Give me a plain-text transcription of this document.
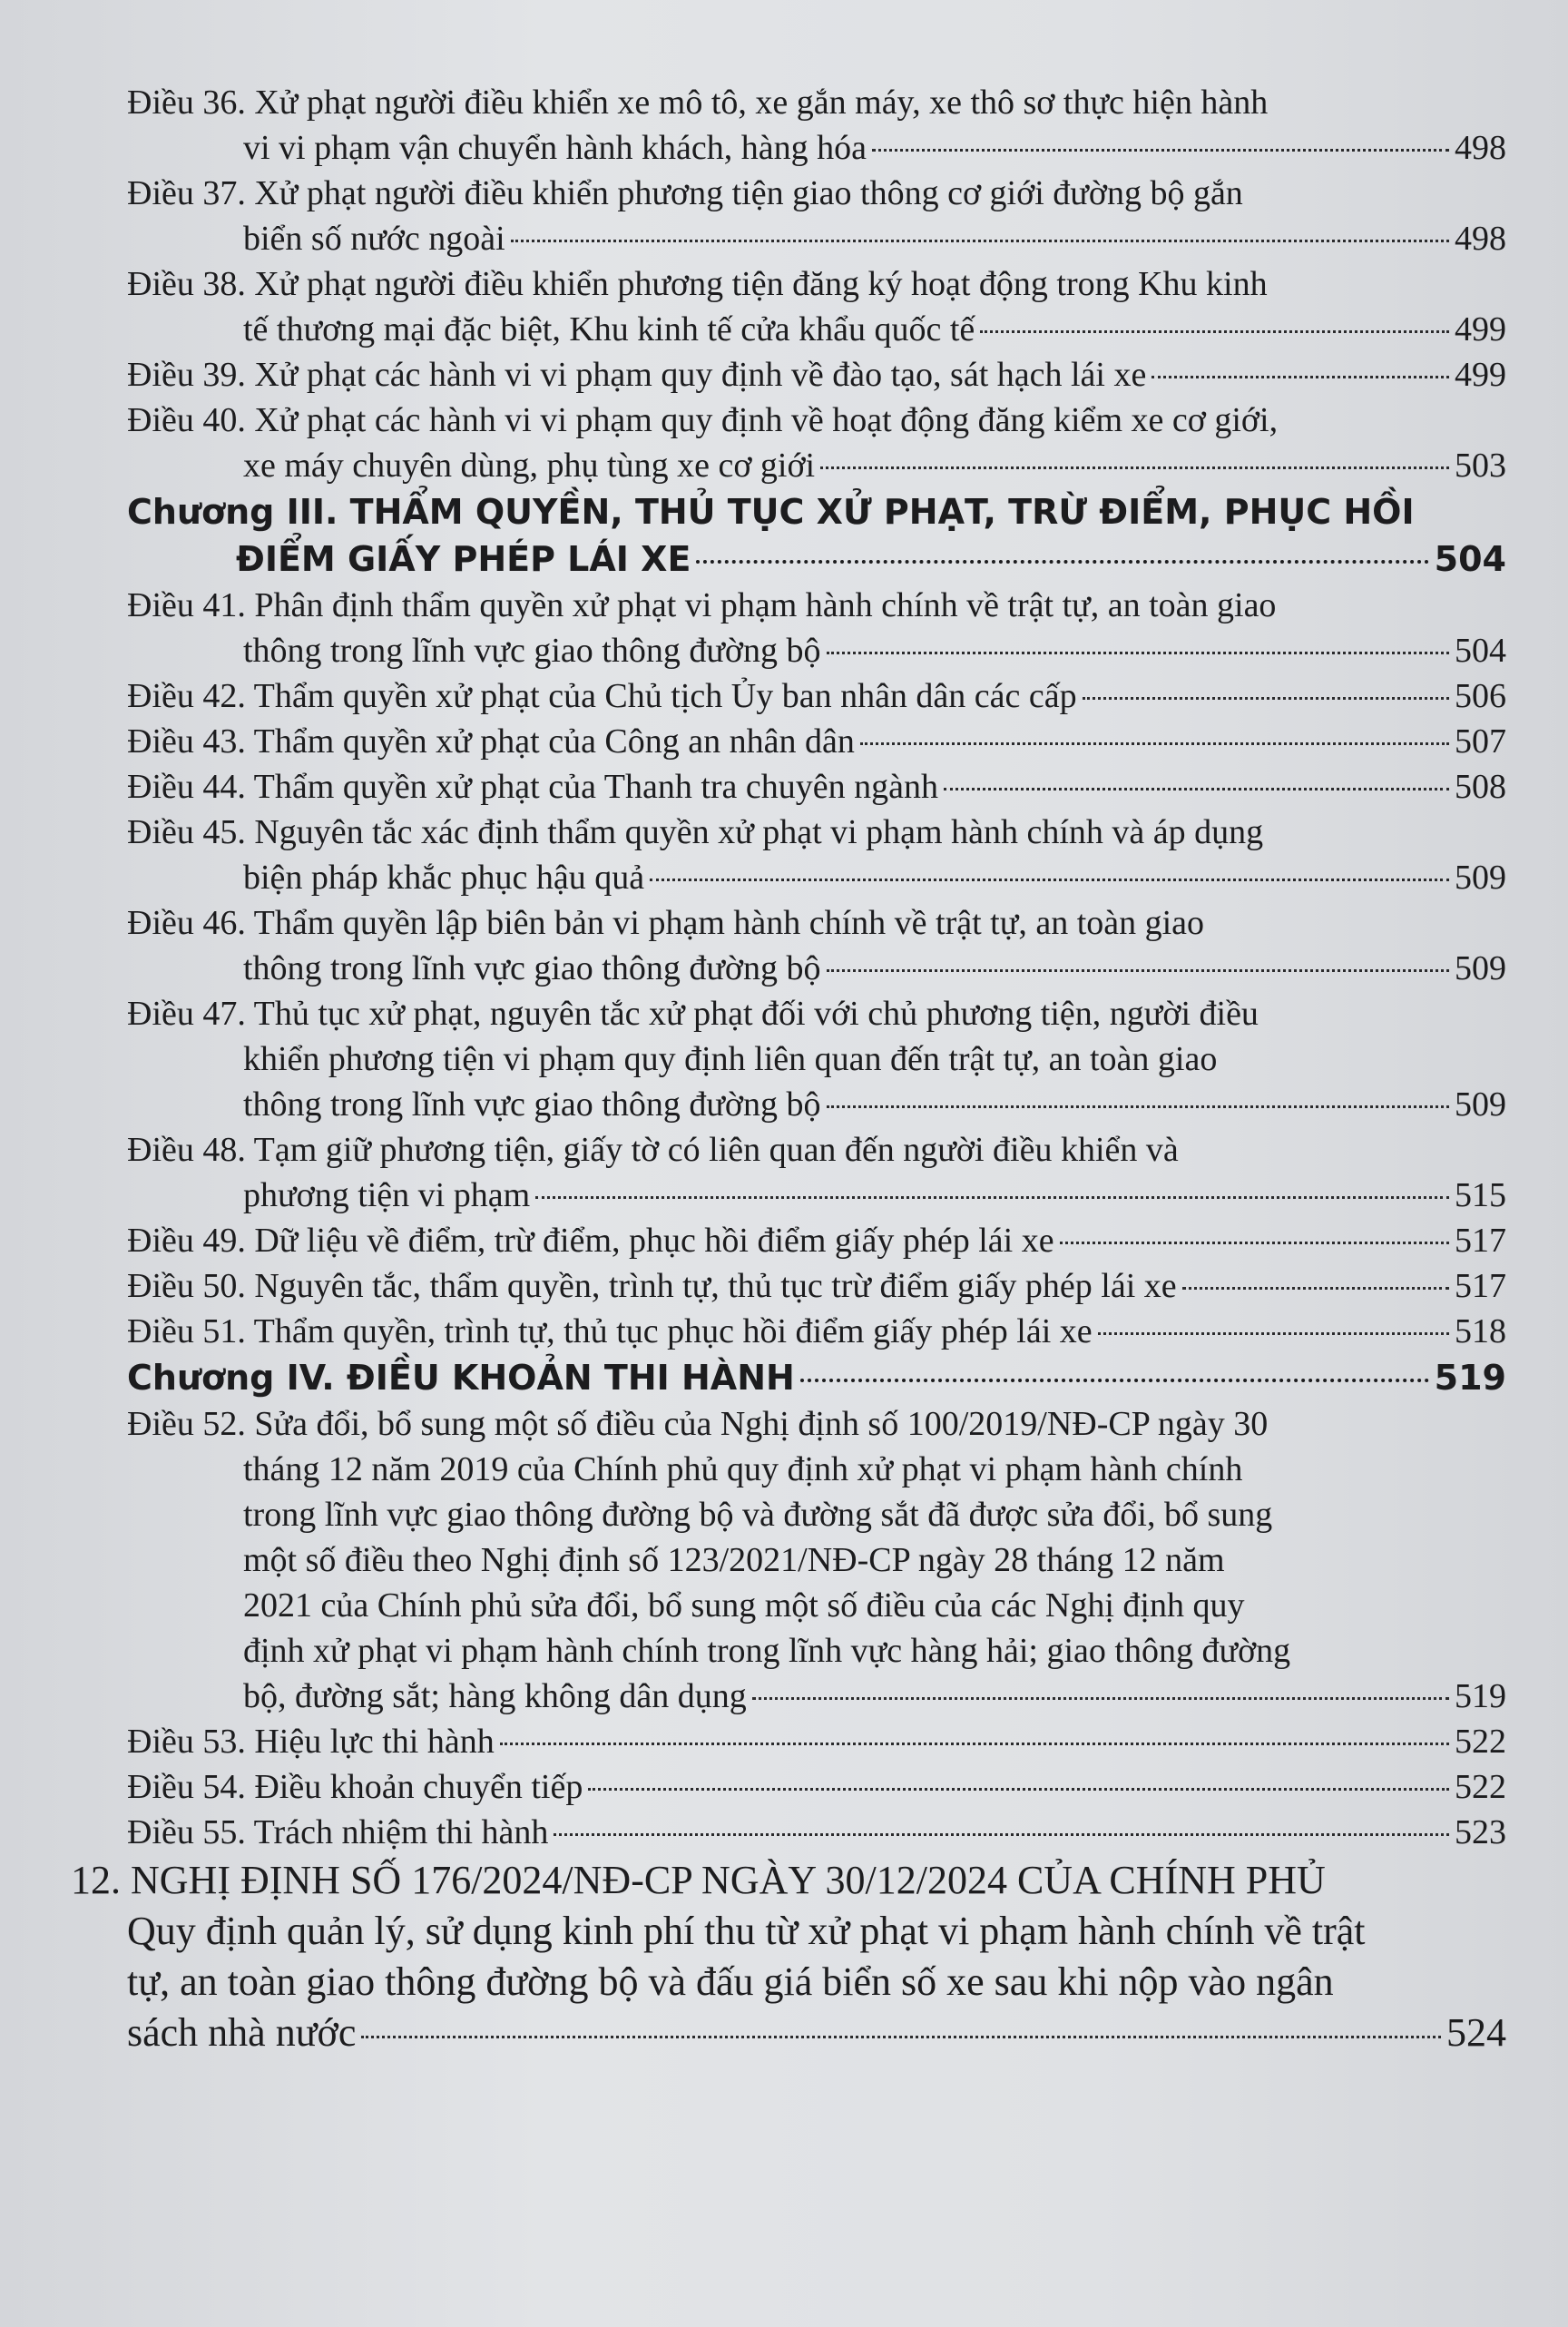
Điều 36. Xử phạt người điều khiển xe mô tô, xe gắn máy, xe thô sơ thực hiện hành
vi vi phạm vận chuyển hành khách, hàng hóa	498
Điều 37. Xử phạt người điều khiển phương tiện giao thông cơ giới đường bộ gắn
biển số nước ngoài	498
Điều 38. Xử phạt người điều khiển phương tiện đăng ký hoạt động trong Khu kinh
tế thương mại đặc biệt, Khu kinh tế cửa khẩu quốc tế	499
Điều 39. Xử phạt các hành vi vi phạm quy định về đào tạo, sát hạch lái xe	499
Điều 40. Xử phạt các hành vi vi phạm quy định về hoạt động đăng kiểm xe cơ giới,
xe máy chuyên dùng, phụ tùng xe cơ giới	503
Chương III. THẨM QUYỀN, THỦ TỤC XỬ PHẠT, TRỪ ĐIỂM, PHỤC HỒI
ĐIỂM GIẤY PHÉP LÁI XE	504
Điều 41. Phân định thẩm quyền xử phạt vi phạm hành chính về trật tự, an toàn giao
thông trong lĩnh vực giao thông đường bộ	504
Điều 42. Thẩm quyền xử phạt của Chủ tịch Ủy ban nhân dân các cấp	506
Điều 43. Thẩm quyền xử phạt của Công an nhân dân	507
Điều 44. Thẩm quyền xử phạt của Thanh tra chuyên ngành	508
Điều 45. Nguyên tắc xác định thẩm quyền xử phạt vi phạm hành chính và áp dụng
biện pháp khắc phục hậu quả	509
Điều 46. Thẩm quyền lập biên bản vi phạm hành chính về trật tự, an toàn giao
thông trong lĩnh vực giao thông đường bộ	509
Điều 47. Thủ tục xử phạt, nguyên tắc xử phạt đối với chủ phương tiện, người điều
khiển phương tiện vi phạm quy định liên quan đến trật tự, an toàn giao
thông trong lĩnh vực giao thông đường bộ	509
Điều 48. Tạm giữ phương tiện, giấy tờ có liên quan đến người điều khiển và
phương tiện vi phạm	515
Điều 49. Dữ liệu về điểm, trừ điểm, phục hồi điểm giấy phép lái xe	517
Điều 50. Nguyên tắc, thẩm quyền, trình tự, thủ tục trừ điểm giấy phép lái xe	517
Điều 51. Thẩm quyền, trình tự, thủ tục phục hồi điểm giấy phép lái xe	518
Chương IV. ĐIỀU KHOẢN THI HÀNH	519
Điều 52. Sửa đổi, bổ sung một số điều của Nghị định số 100/2019/NĐ-CP ngày 30
tháng 12 năm 2019 của Chính phủ quy định xử phạt vi phạm hành chính
trong lĩnh vực giao thông đường bộ và đường sắt đã được sửa đổi, bổ sung
một số điều theo Nghị định số 123/2021/NĐ-CP ngày 28 tháng 12 năm
2021 của Chính phủ sửa đổi, bổ sung một số điều của các Nghị định quy
định xử phạt vi phạm hành chính trong lĩnh vực hàng hải; giao thông đường
bộ, đường sắt; hàng không dân dụng	519
Điều 53. Hiệu lực thi hành	522
Điều 54. Điều khoản chuyển tiếp	522
Điều 55. Trách nhiệm thi hành	523
12. NGHỊ ĐỊNH SỐ 176/2024/NĐ-CP NGÀY 30/12/2024 CỦA CHÍNH PHỦ
Quy định quản lý, sử dụng kinh phí thu từ xử phạt vi phạm hành chính về trật
tự, an toàn giao thông đường bộ và đấu giá biển số xe sau khi nộp vào ngân
sách nhà nước	524
